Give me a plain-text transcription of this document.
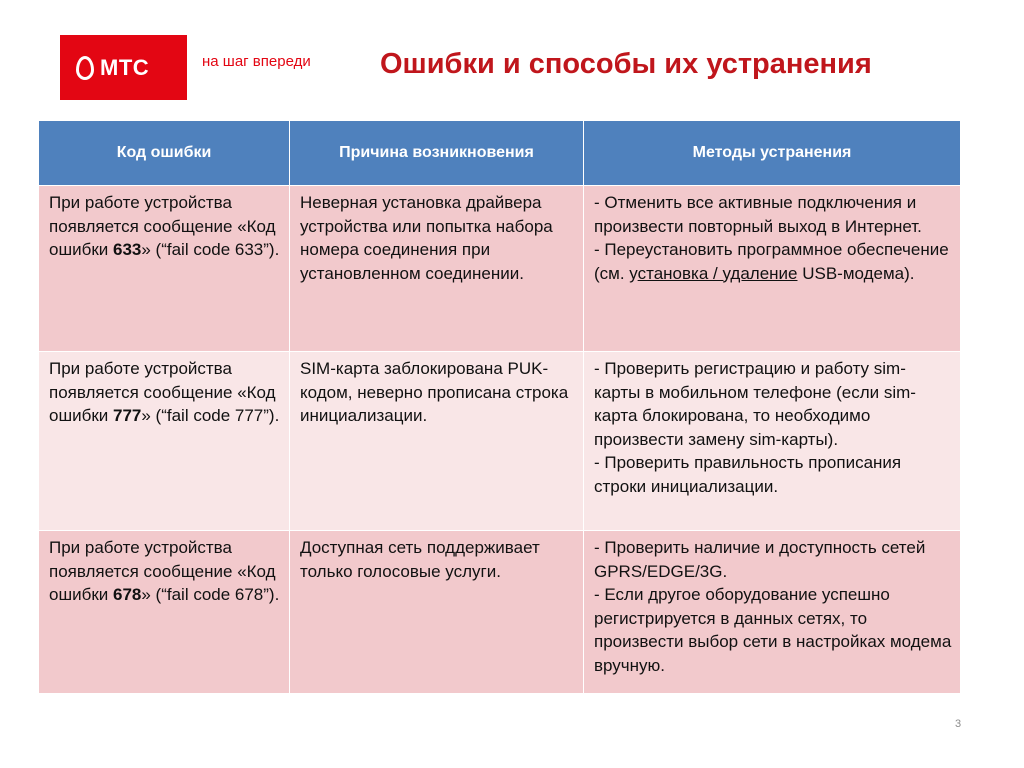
МТС	на шаг впереди Ошибки и способы их устранения
Код ошибки	Причина возникновения	Методы устранения
При работе устройства появляется сообщение «Код ошибки 633» (“fail code 633”).	Неверная установка драйвера устройства или попытка набора номера соединения при установленном соединении.	- Отменить все активные подключения и произвести повторный выход в Интернет.
- Переустановить программное обеспечение (см. установка / удаление USB-модема).

При работе устройства появляется сообщение «Код ошибки 777» (“fail code 777”).	SIM-карта заблокирована PUK-кодом, неверно прописана строка инициализации.	- Проверить регистрацию и работу sim-карты в мобильном телефоне (если sim-карта блокирована, то необходимо произвести замену sim-карты).
- Проверить правильность прописания строки инициализации.

При работе устройства появляется сообщение «Код ошибки 678» (“fail code 678”).	Доступная сеть поддерживает только голосовые услуги.	- Проверить наличие и доступность сетей GPRS/EDGE/3G.
- Если другое оборудование успешно регистрируется в данных сетях, то произвести выбор сети в настройках модема вручную.
3
